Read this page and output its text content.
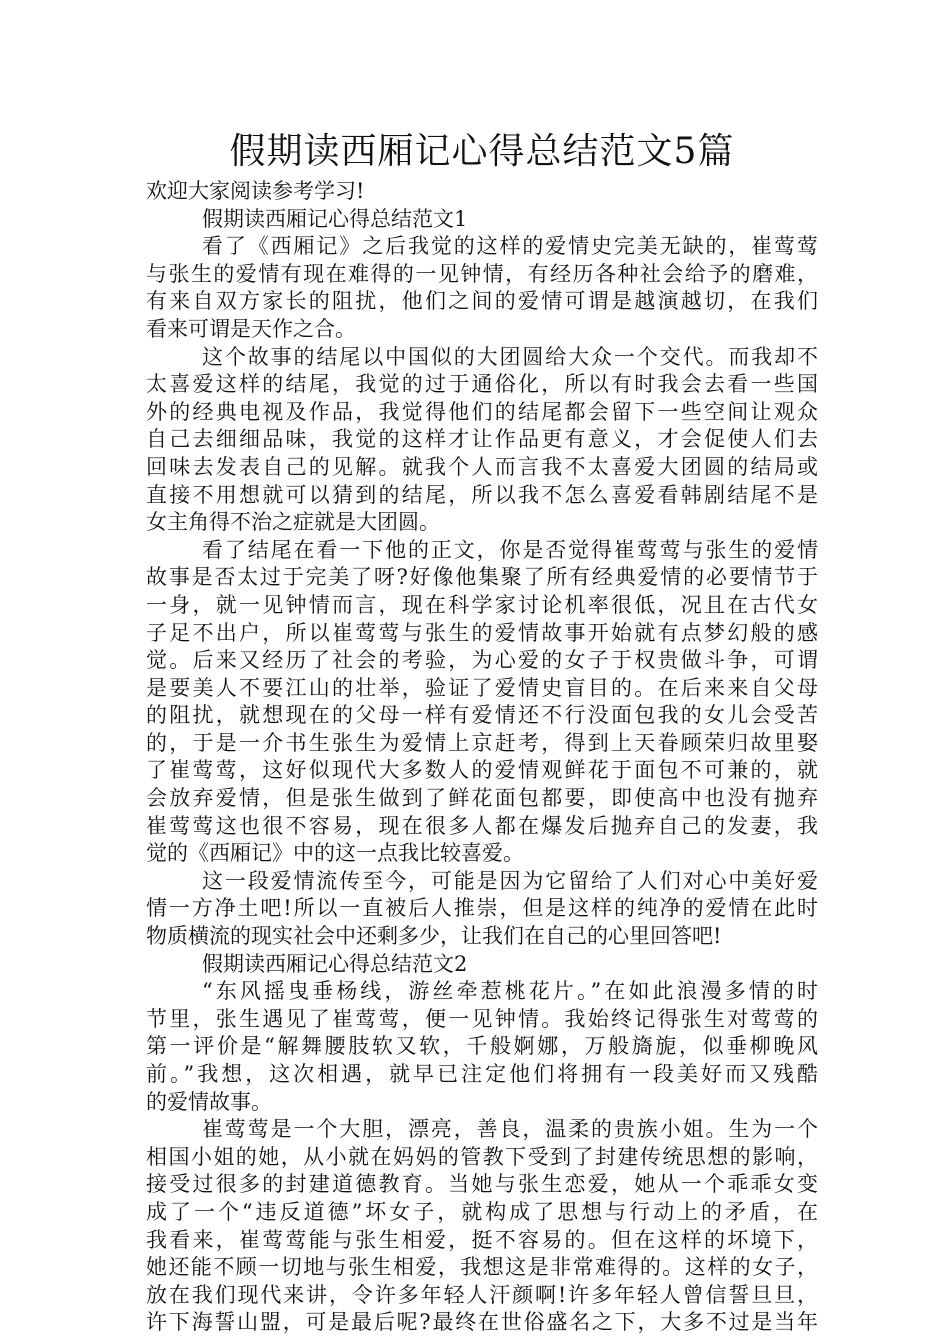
假期读西厢记心得总结范文5篇

欢迎大家阅读参考学习!

假期读西厢记心得总结范文1

看了《西厢记》之后我觉的这样的爱情史完美无缺的，崔莺莺

与张生的爱情有现在难得的一见钟情，有经历各种社会给予的磨难，

有来自双方家长的阻扰，他们之间的爱情可谓是越演越切，在我们

看来可谓是天作之合。

这个故事的结尾以中国似的大团圆给大众一个交代。而我却不

太喜爱这样的结尾，我觉的过于通俗化，所以有时我会去看一些国

外的经典电视及作品，我觉得他们的结尾都会留下一些空间让观众

自己去细细品味，我觉的这样才让作品更有意义，才会促使人们去

回味去发表自己的见解。就我个人而言我不太喜爱大团圆的结局或

直接不用想就可以猜到的结尾，所以我不怎么喜爱看韩剧结尾不是

女主角得不治之症就是大团圆。

看了结尾在看一下他的正文，你是否觉得崔莺莺与张生的爱情

故事是否太过于完美了呀?好像他集聚了所有经典爱情的必要情节于

一身，就一见钟情而言，现在科学家讨论机率很低，况且在古代女

子足不出户，所以崔莺莺与张生的爱情故事开始就有点梦幻般的感

觉。后来又经历了社会的考验，为心爱的女子于权贵做斗争，可谓

是要美人不要江山的壮举，验证了爱情史盲目的。在后来来自父母

的阻扰，就想现在的父母一样有爱情还不行没面包我的女儿会受苦

的，于是一介书生张生为爱情上京赶考，得到上天眷顾荣归故里娶

了崔莺莺，这好似现代大多数人的爱情观鲜花于面包不可兼的，就

会放弃爱情，但是张生做到了鲜花面包都要，即使高中也没有抛弃

崔莺莺这也很不容易，现在很多人都在爆发后抛弃自己的发妻，我

觉的《西厢记》中的这一点我比较喜爱。

这一段爱情流传至今，可能是因为它留给了人们对心中美好爱

情一方净土吧!所以一直被后人推崇，但是这样的纯净的爱情在此时

物质横流的现实社会中还剩多少，让我们在自己的心里回答吧!

假期读西厢记心得总结范文2

“东风摇曳垂杨线，游丝牵惹桃花片。”在如此浪漫多情的时

节里，张生遇见了崔莺莺，便一见钟情。我始终记得张生对莺莺的

第一评价是“解舞腰肢软又软，千般婀娜，万般旖旎，似垂柳晚风

前。”我想，这次相遇，就早已注定他们将拥有一段美好而又残酷

的爱情故事。

崔莺莺是一个大胆，漂亮，善良，温柔的贵族小姐。生为一个

相国小姐的她，从小就在妈妈的管教下受到了封建传统思想的影响，

接受过很多的封建道德教育。当她与张生恋爱，她从一个乖乖女变

成了一个“违反道德”坏女子，就构成了思想与行动上的矛盾，在

我看来，崔莺莺能与张生相爱，挺不容易的。但在这样的坏境下，

她还能不顾一切地与张生相爱，我想这是非常难得的。这样的女子，

放在我们现代来讲，令许多年轻人汗颜啊!许多年轻人曾信誓旦旦，

许下海誓山盟，可是最后呢?最终在世俗盛名之下，大多不过是当年
